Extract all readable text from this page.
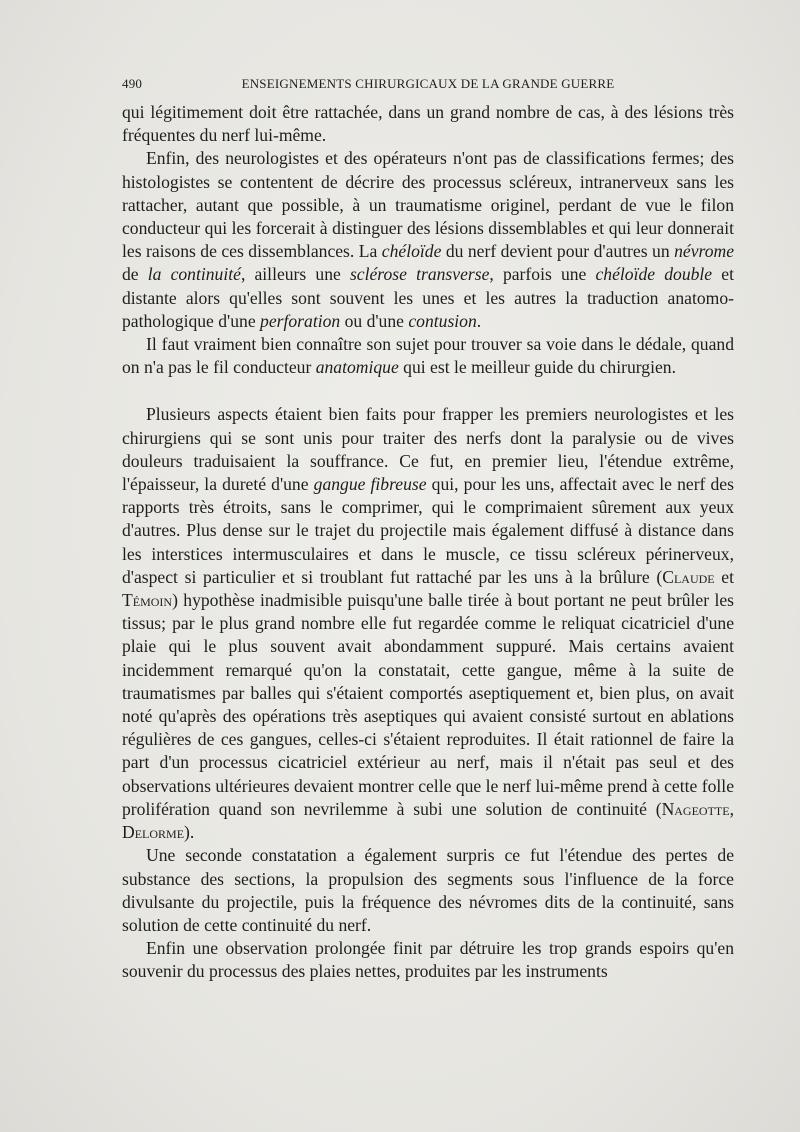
490	ENSEIGNEMENTS CHIRURGICAUX DE LA GRANDE GUERRE

qui légitimement doit être rattachée, dans un grand nombre de cas, à des lésions très fréquentes du nerf lui-même.

Enfin, des neurologistes et des opérateurs n'ont pas de classifications fermes; des histologistes se contentent de décrire des processus scléreux, intranerveux sans les rattacher, autant que possible, à un traumatisme originel, perdant de vue le filon conducteur qui les forcerait à distinguer des lésions dissemblables et qui leur donnerait les raisons de ces dissemblances. La chéloïde du nerf devient pour d'autres un névrome de la continuité, ailleurs une sclérose transverse, parfois une chéloïde double et distante alors qu'elles sont souvent les unes et les autres la traduction anatomo-pathologique d'une perforation ou d'une contusion.

Il faut vraiment bien connaître son sujet pour trouver sa voie dans le dédale, quand on n'a pas le fil conducteur anatomique qui est le meilleur guide du chirurgien.

Plusieurs aspects étaient bien faits pour frapper les premiers neurologistes et les chirurgiens qui se sont unis pour traiter des nerfs dont la paralysie ou de vives douleurs traduisaient la souffrance. Ce fut, en premier lieu, l'étendue extrême, l'épaisseur, la dureté d'une gangue fibreuse qui, pour les uns, affectait avec le nerf des rapports très étroits, sans le comprimer, qui le comprimaient sûrement aux yeux d'autres. Plus dense sur le trajet du projectile mais également diffusé à distance dans les interstices intermusculaires et dans le muscle, ce tissu scléreux périnerveux, d'aspect si particulier et si troublant fut rattaché par les uns à la brûlure (Claude et Témoin) hypothèse inadmisible puisqu'une balle tirée à bout portant ne peut brûler les tissus; par le plus grand nombre elle fut regardée comme le reliquat cicatriciel d'une plaie qui le plus souvent avait abondamment suppuré. Mais certains avaient incidemment remarqué qu'on la constatait, cette gangue, même à la suite de traumatismes par balles qui s'étaient comportés aseptiquement et, bien plus, on avait noté qu'après des opérations très aseptiques qui avaient consisté surtout en ablations régulières de ces gangues, celles-ci s'étaient reproduites. Il était rationnel de faire la part d'un processus cicatriciel extérieur au nerf, mais il n'était pas seul et des observations ultérieures devaient montrer celle que le nerf lui-même prend à cette folle prolifération quand son nevrilemme à subi une solution de continuité (Nageotte, Delorme).

Une seconde constatation a également surpris ce fut l'étendue des pertes de substance des sections, la propulsion des segments sous l'influence de la force divulsante du projectile, puis la fréquence des névromes dits de la continuité, sans solution de cette continuité du nerf.

Enfin une observation prolongée finit par détruire les trop grands espoirs qu'en souvenir du processus des plaies nettes, produites par les instruments
